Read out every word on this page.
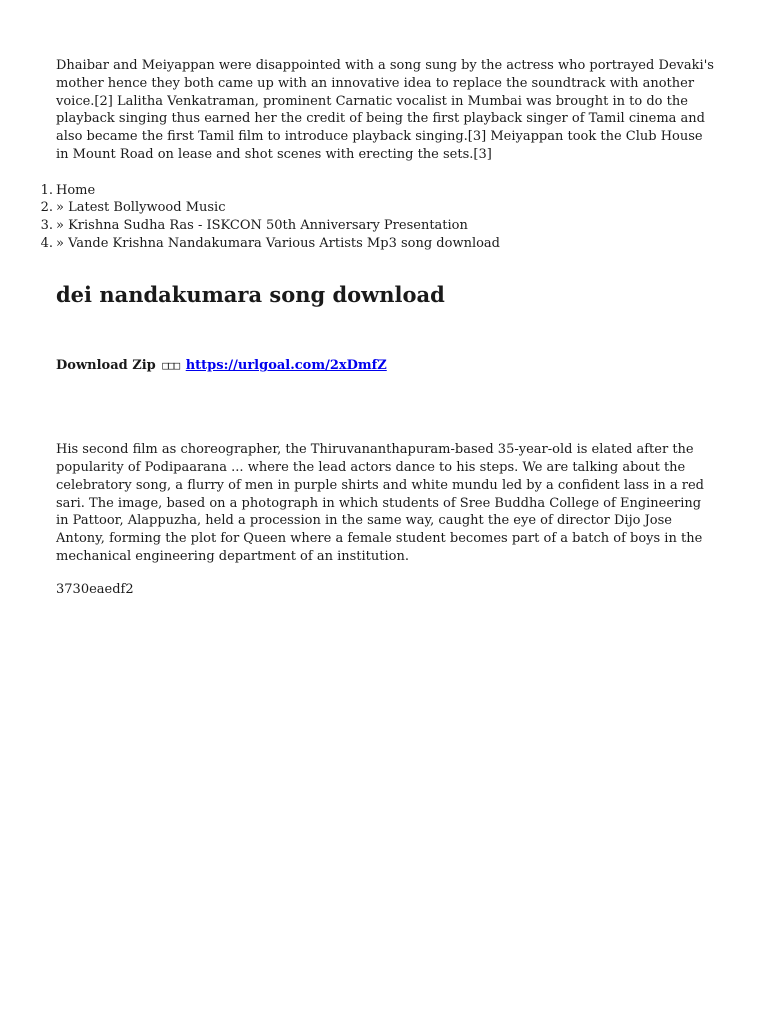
Dhaibar and Meiyappan were disappointed with a song sung by the actress who portrayed Devaki's mother hence they both came up with an innovative idea to replace the soundtrack with another voice.[2] Lalitha Venkatraman, prominent Carnatic vocalist in Mumbai was brought in to do the playback singing thus earned her the credit of being the first playback singer of Tamil cinema and also became the first Tamil film to introduce playback singing.[3] Meiyappan took the Club House in Mount Road on lease and shot scenes with erecting the sets.[3]

1. Home
2. » Latest Bollywood Music
3. » Krishna Sudha Ras - ISKCON 50th Anniversary Presentation
4. » Vande Krishna Nandakumara Various Artists Mp3 song download
dei nandakumara song download

Download Zip □□□ https://urlgoal.com/2xDmfZ

His second film as choreographer, the Thiruvananthapuram-based 35-year-old is elated after the popularity of Podipaarana ... where the lead actors dance to his steps. We are talking about the celebratory song, a flurry of men in purple shirts and white mundu led by a confident lass in a red sari. The image, based on a photograph in which students of Sree Buddha College of Engineering in Pattoor, Alappuzha, held a procession in the same way, caught the eye of director Dijo Jose Antony, forming the plot for Queen where a female student becomes part of a batch of boys in the mechanical engineering department of an institution.

3730eaedf2
